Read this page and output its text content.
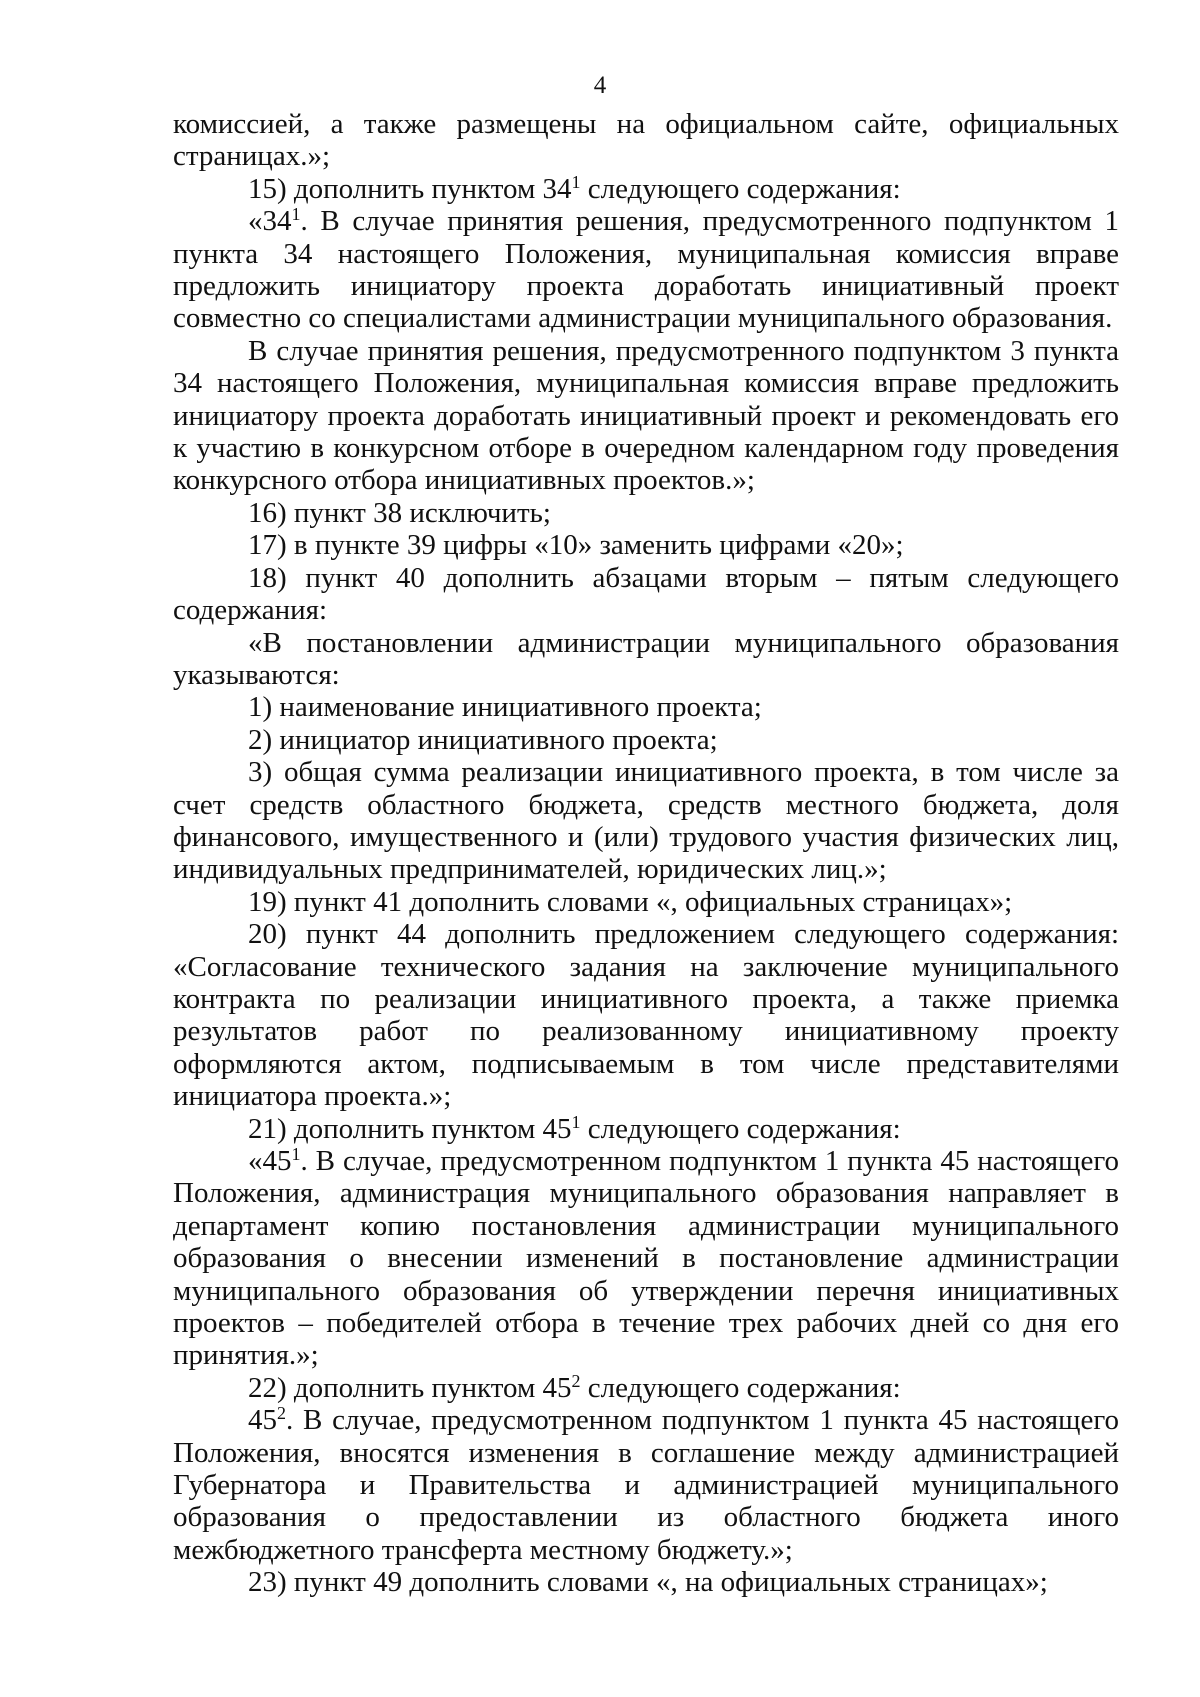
4

комиссией, а также размещены на официальном сайте, официальных страницах.»;

15) дополнить пунктом $34^1$ следующего содержания:

«$34^1$. В случае принятия решения, предусмотренного подпунктом 1 пункта 34 настоящего Положения, муниципальная комиссия вправе предложить инициатору проекта доработать инициативный проект совместно со специалистами администрации муниципального образования.

В случае принятия решения, предусмотренного подпунктом 3 пункта 34 настоящего Положения, муниципальная комиссия вправе предложить инициатору проекта доработать инициативный проект и рекомендовать его к участию в конкурсном отборе в очередном календарном году проведения конкурсного отбора инициативных проектов.»;

16) пункт 38 исключить;

17) в пункте 39 цифры «10» заменить цифрами «20»;

18) пункт 40 дополнить абзацами вторым – пятым следующего содержания:

«В постановлении администрации муниципального образования указываются:

1) наименование инициативного проекта;

2) инициатор инициативного проекта;

3) общая сумма реализации инициативного проекта, в том числе за счет средств областного бюджета, средств местного бюджета, доля финансового, имущественного и (или) трудового участия физических лиц, индивидуальных предпринимателей, юридических лиц.»;

19) пункт 41 дополнить словами «, официальных страницах»;

20) пункт 44 дополнить предложением следующего содержания: «Согласование технического задания на заключение муниципального контракта по реализации инициативного проекта, а также приемка результатов работ по реализованному инициативному проекту оформляются актом, подписываемым в том числе представителями инициатора проекта.»;

21) дополнить пунктом $45^1$ следующего содержания:

«$45^1$. В случае, предусмотренном подпунктом 1 пункта 45 настоящего Положения, администрация муниципального образования направляет в департамент копию постановления администрации муниципального образования о внесении изменений в постановление администрации муниципального образования об утверждении перечня инициативных проектов – победителей отбора в течение трех рабочих дней со дня его принятия.»;

22) дополнить пунктом $45^2$ следующего содержания:

$45^2$. В случае, предусмотренном подпунктом 1 пункта 45 настоящего Положения, вносятся изменения в соглашение между администрацией Губернатора и Правительства и администрацией муниципального образования о предоставлении из областного бюджета иного межбюджетного трансферта местному бюджету.»;

23) пункт 49 дополнить словами «, на официальных страницах»;
